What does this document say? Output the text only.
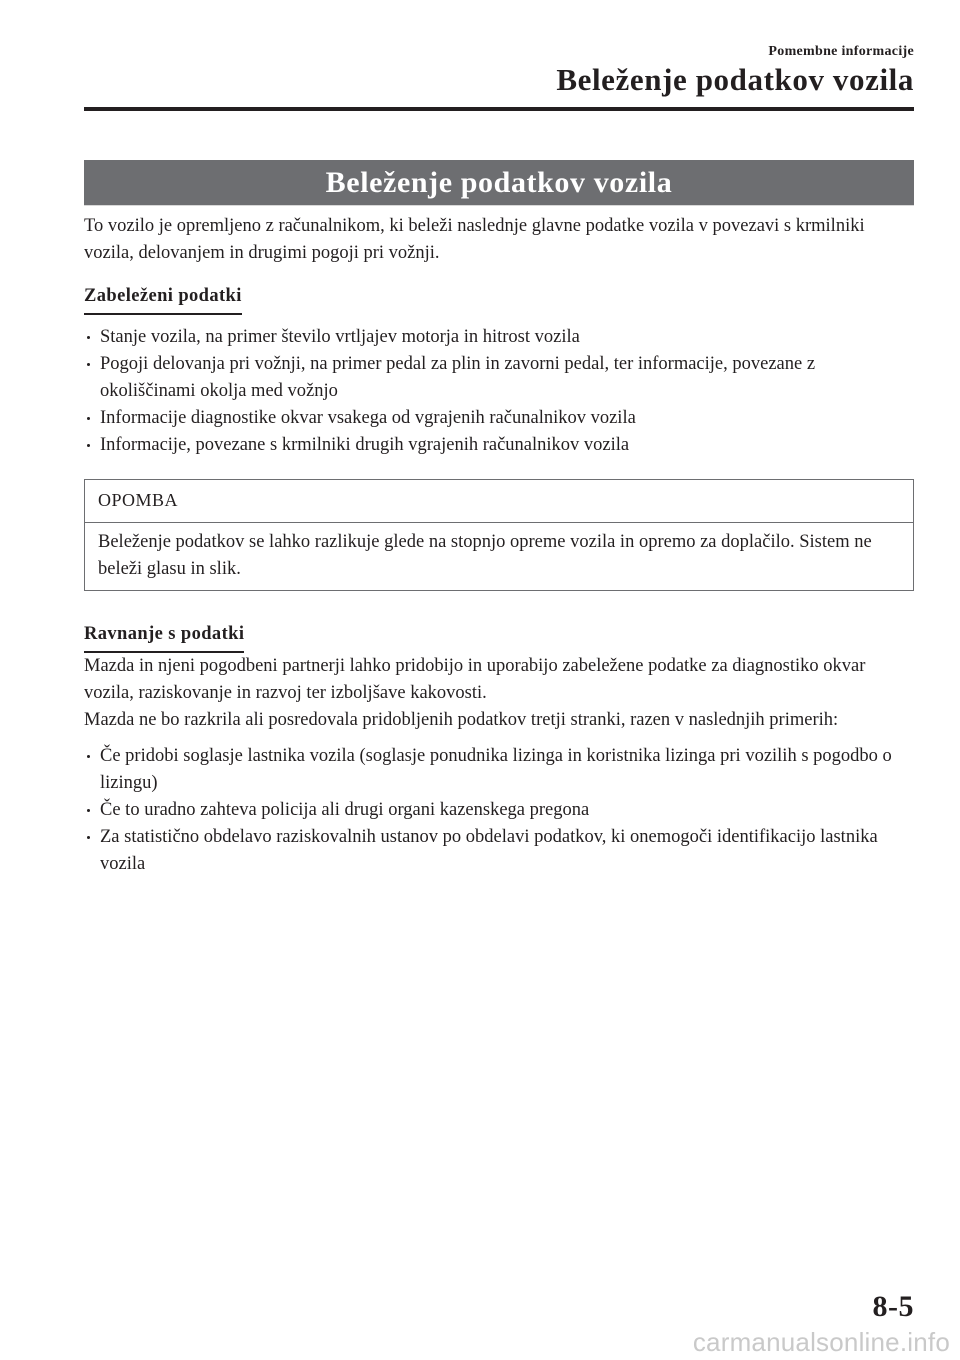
Pomembne informacije
Beleženje podatkov vozila
Beleženje podatkov vozila

To vozilo je opremljeno z računalnikom, ki beleži naslednje glavne podatke vozila v povezavi s krmilniki vozila, delovanjem in drugimi pogoji pri vožnji.

Zabeleženi podatki
Stanje vozila, na primer število vrtljajev motorja in hitrost vozila
Pogoji delovanja pri vožnji, na primer pedal za plin in zavorni pedal, ter informacije, povezane z okoliščinami okolja med vožnjo
Informacije diagnostike okvar vsakega od vgrajenih računalnikov vozila
Informacije, povezane s krmilniki drugih vgrajenih računalnikov vozila
OPOMBA
Beleženje podatkov se lahko razlikuje glede na stopnjo opreme vozila in opremo za doplačilo. Sistem ne beleži glasu in slik.
Ravnanje s podatki

Mazda in njeni pogodbeni partnerji lahko pridobijo in uporabijo zabeležene podatke za diagnostiko okvar vozila, raziskovanje in razvoj ter izboljšave kakovosti.

Mazda ne bo razkrila ali posredovala pridobljenih podatkov tretji stranki, razen v naslednjih primerih:

Če pridobi soglasje lastnika vozila (soglasje ponudnika lizinga in koristnika lizinga pri vozilih s pogodbo o lizingu)
Če to uradno zahteva policija ali drugi organi kazenskega pregona
Za statistično obdelavo raziskovalnih ustanov po obdelavi podatkov, ki onemogoči identifikacijo lastnika vozila
8-5
carmanualsonline.info
